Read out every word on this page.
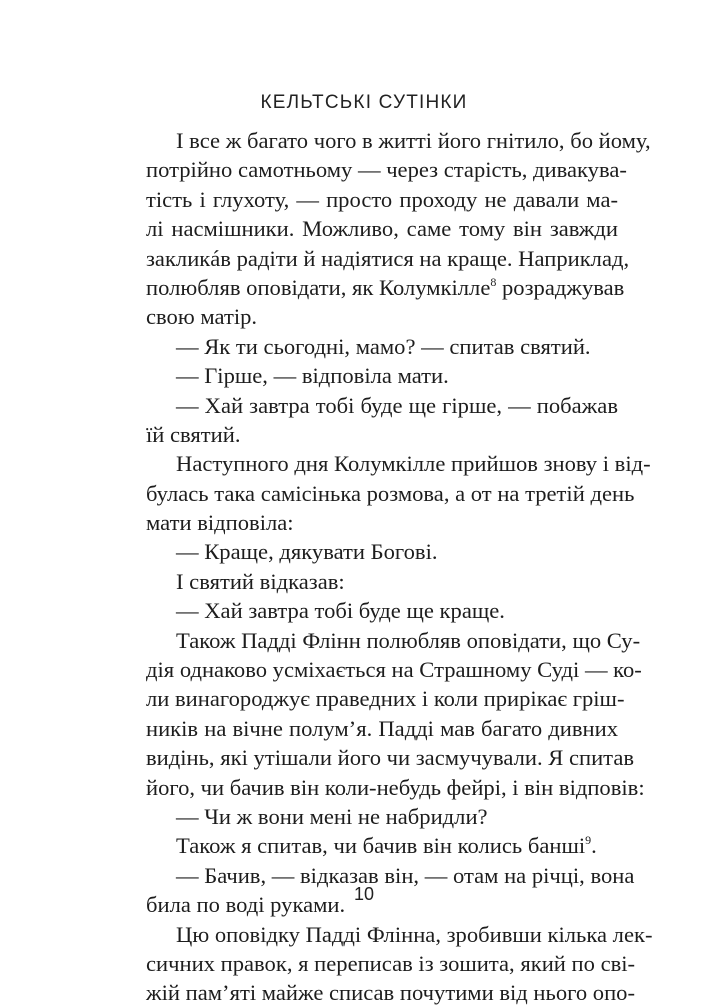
КЕЛЬТСЬКІ СУТІНКИ
І все ж багато чого в житті його гнітило, бо йому,
потрійно самотньому — через старість, дивакува-
тість і глухоту, — просто проходу не давали ма-
лі насмішники. Можливо, саме тому він завжди
закликáв радіти й надіятися на краще. Наприклад,
полюбляв оповідати, як Колумкілле$^8$ розраджував
свою матір.
— Як ти сьогодні, мамо? — спитав святий.
— Гірше, — відповіла мати.
— Хай завтра тобі буде ще гірше, — побажав
їй святий.
Наступного дня Колумкілле прийшов знову і від-
булась така самісінька розмова, а от на третій день
мати відповіла:
— Краще, дякувати Богові.
І святий відказав:
— Хай завтра тобі буде ще краще.
Також Падді Флінн полюбляв оповідати, що Су-
дія однаково усміхається на Страшному Суді — ко-
ли винагороджує праведних і коли прирікає гріш-
ників на вічне полум’я. Падді мав багато дивних
видінь, які утішали його чи засмучували. Я спитав
його, чи бачив він коли-небудь фейрі, і він відповів:
— Чи ж вони мені не набридли?
Також я спитав, чи бачив він колись банші$^9$.
— Бачив, — відказав він, — отам на річці, вона
била по воді руками.
Цю оповідку Падді Флінна, зробивши кілька лек-
сичних правок, я переписав із зошита, який по сві-
жій пам’яті майже списав почутими від нього опо-
10
